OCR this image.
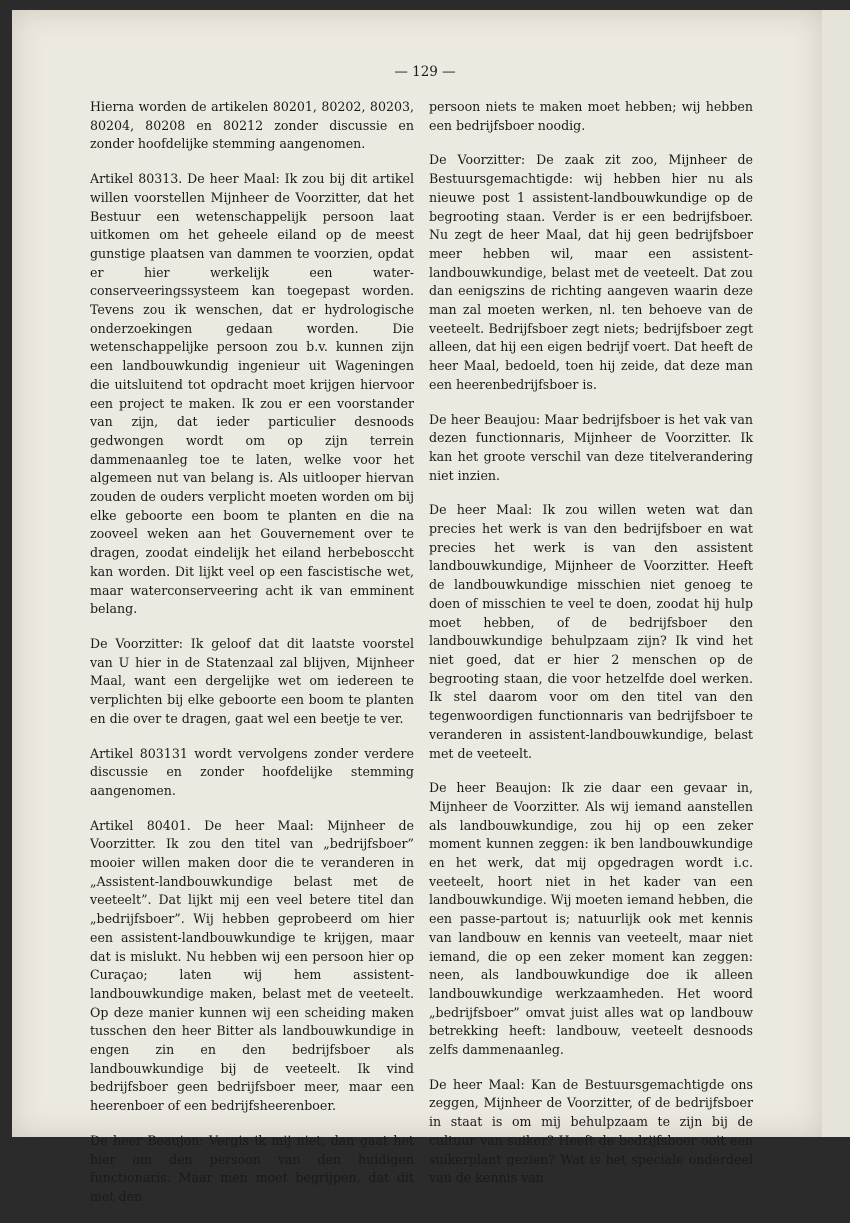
— 129 —

Hierna worden de artikelen 80201, 80202, 80203, 80204, 80208 en 80212 zonder discussie en zonder hoofdelijke stemming aangenomen.

Artikel 80313. De heer Maal: Ik zou bij dit artikel willen voorstellen Mijnheer de Voorzitter, dat het Bestuur een wetenschappelijk persoon laat uitkomen om het geheele eiland op de meest gunstige plaatsen van dammen te voorzien, opdat er hier werkelijk een water-conserveeringssysteem kan toegepast worden. Tevens zou ik wenschen, dat er hydrologische onderzoekingen gedaan worden. Die wetenschappelijke persoon zou b.v. kunnen zijn een landbouwkundig ingenieur uit Wageningen die uitsluitend tot opdracht moet krijgen hiervoor een project te maken. Ik zou er een voorstander van zijn, dat ieder particulier desnoods gedwongen wordt om op zijn terrein dammenaanleg toe te laten, welke voor het algemeen nut van belang is. Als uitlooper hiervan zouden de ouders verplicht moeten worden om bij elke geboorte een boom te planten en die na zooveel weken aan het Gouvernement over te dragen, zoodat eindelijk het eiland herbebosccht kan worden. Dit lijkt veel op een fascistische wet, maar waterconserveering acht ik van emminent belang.

De Voorzitter: Ik geloof dat dit laatste voorstel van U hier in de Statenzaal zal blijven, Mijnheer Maal, want een dergelijke wet om iedereen te verplichten bij elke geboorte een boom te planten en die over te dragen, gaat wel een beetje te ver.

Artikel 803131 wordt vervolgens zonder verdere discussie en zonder hoofdelijke stemming aangenomen.

Artikel 80401. De heer Maal: Mijnheer de Voorzitter. Ik zou den titel van „bedrijfsboer” mooier willen maken door die te veranderen in „Assistent-landbouwkundige belast met de veeteelt”. Dat lijkt mij een veel betere titel dan „bedrijfsboer”. Wij hebben geprobeerd om hier een assistent-landbouwkundige te krijgen, maar dat is mislukt. Nu hebben wij een persoon hier op Curaçao; laten wij hem assistent-landbouwkundige maken, belast met de veeteelt. Op deze manier kunnen wij een scheiding maken tusschen den heer Bitter als landbouwkundige in engen zin en den bedrijfsboer als landbouwkundige bij de veeteelt. Ik vind bedrijfsboer geen bedrijfsboer meer, maar een heerenboer of een bedrijfsheerenboer.

De heer Beaujon: Vergis ik mij niet, dan gaat het hier om den persoon van den huidigen functionaris. Maar men moet begrijpen, dat dit met den

persoon niets te maken moet hebben; wij hebben een bedrijfsboer noodig.

De Voorzitter: De zaak zit zoo, Mijnheer de Bestuursgemachtigde: wij hebben hier nu als nieuwe post 1 assistent-landbouwkundige op de begrooting staan. Verder is er een bedrijfsboer. Nu zegt de heer Maal, dat hij geen bedrijfsboer meer hebben wil, maar een assistent-landbouwkundige, belast met de veeteelt. Dat zou dan eenigszins de richting aangeven waarin deze man zal moeten werken, nl. ten behoeve van de veeteelt. Bedrijfsboer zegt niets; bedrijfsboer zegt alleen, dat hij een eigen bedrijf voert. Dat heeft de heer Maal, bedoeld, toen hij zeide, dat deze man een heerenbedrijfsboer is.

De heer Beaujou: Maar bedrijfsboer is het vak van dezen functionnaris, Mijnheer de Voorzitter. Ik kan het groote verschil van deze titelverandering niet inzien.

De heer Maal: Ik zou willen weten wat dan precies het werk is van den bedrijfsboer en wat precies het werk is van den assistent landbouwkundige, Mijnheer de Voorzitter. Heeft de landbouwkundige misschien niet genoeg te doen of misschien te veel te doen, zoodat hij hulp moet hebben, of de bedrijfsboer den landbouwkundige behulpzaam zijn? Ik vind het niet goed, dat er hier 2 menschen op de begrooting staan, die voor hetzelfde doel werken. Ik stel daarom voor om den titel van den tegenwoordigen functionnaris van bedrijfsboer te veranderen in assistent-landbouwkundige, belast met de veeteelt.

De heer Beaujon: Ik zie daar een gevaar in, Mijnheer de Voorzitter. Als wij iemand aanstellen als landbouwkundige, zou hij op een zeker moment kunnen zeggen: ik ben landbouwkundige en het werk, dat mij opgedragen wordt i.c. veeteelt, hoort niet in het kader van een landbouwkundige. Wij moeten iemand hebben, die een passe-partout is; natuurlijk ook met kennis van landbouw en kennis van veeteelt, maar niet iemand, die op een zeker moment kan zeggen: neen, als landbouwkundige doe ik alleen landbouwkundige werkzaamheden. Het woord „bedrijfsboer” omvat juist alles wat op landbouw betrekking heeft: landbouw, veeteelt desnoods zelfs dammenaanleg.

De heer Maal: Kan de Bestuursgemachtigde ons zeggen, Mijnheer de Voorzitter, of de bedrijfsboer in staat is om mij behulpzaam te zijn bij de cultuur van suiker? Heeft de bedrijfsboer ooit een suikerplant gezien? Wat is het speciale onderdeel van de kennis van
